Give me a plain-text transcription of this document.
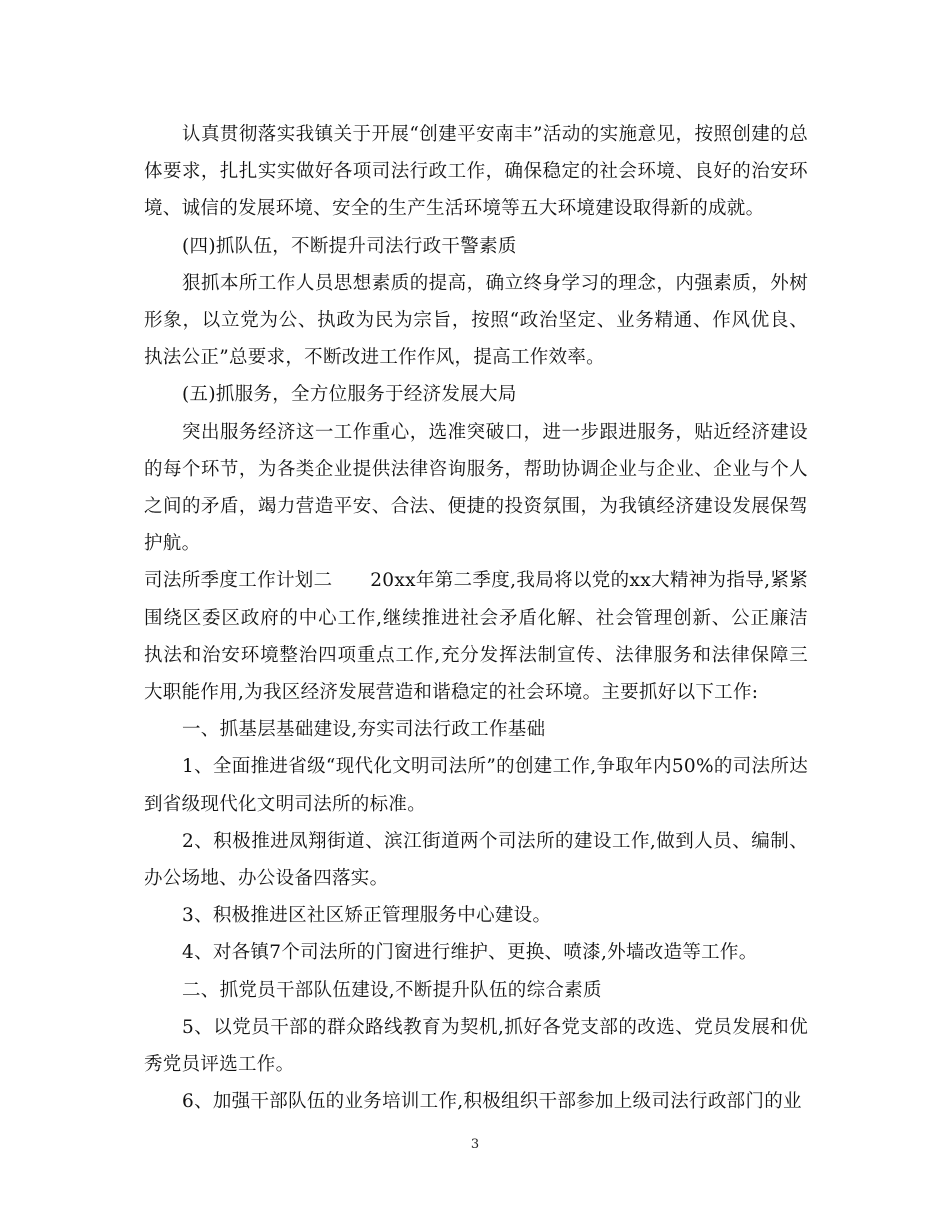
认真贯彻落实我镇关于开展“创建平安南丰”活动的实施意见，按照创建的总体要求，扎扎实实做好各项司法行政工作，确保稳定的社会环境、良好的治安环境、诚信的发展环境、安全的生产生活环境等五大环境建设取得新的成就。

(四)抓队伍，不断提升司法行政干警素质

狠抓本所工作人员思想素质的提高，确立终身学习的理念，内强素质，外树形象，以立党为公、执政为民为宗旨，按照“政治坚定、业务精通、作风优良、执法公正”总要求，不断改进工作作风，提高工作效率。

(五)抓服务，全方位服务于经济发展大局

突出服务经济这一工作重心，选准突破口，进一步跟进服务，贴近经济建设的每个环节，为各类企业提供法律咨询服务，帮助协调企业与企业、企业与个人之间的矛盾，竭力营造平安、合法、便捷的投资氛围，为我镇经济建设发展保驾护航。

司法所季度工作计划二　　20xx年第二季度,我局将以党的xx大精神为指导,紧紧围绕区委区政府的中心工作,继续推进社会矛盾化解、社会管理创新、公正廉洁执法和治安环境整治四项重点工作,充分发挥法制宣传、法律服务和法律保障三大职能作用,为我区经济发展营造和谐稳定的社会环境。主要抓好以下工作:

一、抓基层基础建设,夯实司法行政工作基础

1、全面推进省级“现代化文明司法所”的创建工作,争取年内50%的司法所达到省级现代化文明司法所的标准。

2、积极推进凤翔街道、滨江街道两个司法所的建设工作,做到人员、编制、办公场地、办公设备四落实。

3、积极推进区社区矫正管理服务中心建设。

4、对各镇7个司法所的门窗进行维护、更换、喷漆,外墙改造等工作。

二、抓党员干部队伍建设,不断提升队伍的综合素质

5、以党员干部的群众路线教育为契机,抓好各党支部的改选、党员发展和优秀党员评选工作。

6、加强干部队伍的业务培训工作,积极组织干部参加上级司法行政部门的业

3
